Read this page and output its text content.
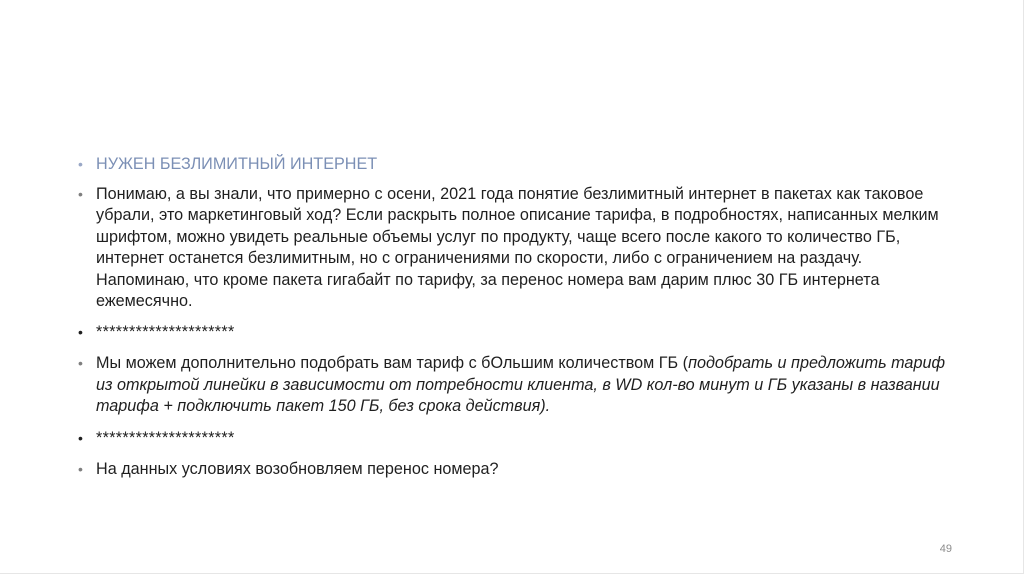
• НУЖЕН БЕЗЛИМИТНЫЙ ИНТЕРНЕТ
• Понимаю, а вы знали, что примерно с осени, 2021 года понятие безлимитный интернет в пакетах как таковое убрали, это маркетинговый ход? Если раскрыть полное описание тарифа, в подробностях, написанных мелким шрифтом, можно увидеть реальные объемы услуг по продукту, чаще всего после какого то количество ГБ, интернет останется безлимитным, но с ограничениями по скорости, либо с ограничением на раздачу. Напоминаю, что кроме пакета гигабайт по тарифу, за перенос номера вам дарим плюс 30 ГБ интернета ежемесячно.
• *********************
• Мы можем дополнительно подобрать вам тариф с бОльшим количеством ГБ (подобрать и предложить тариф из открытой линейки в зависимости от потребности клиента, в WD кол-во минут и ГБ указаны в названии тарифа + подключить пакет 150 ГБ, без срока действия).
• *********************
• На данных условиях возобновляем перенос номера?
49
